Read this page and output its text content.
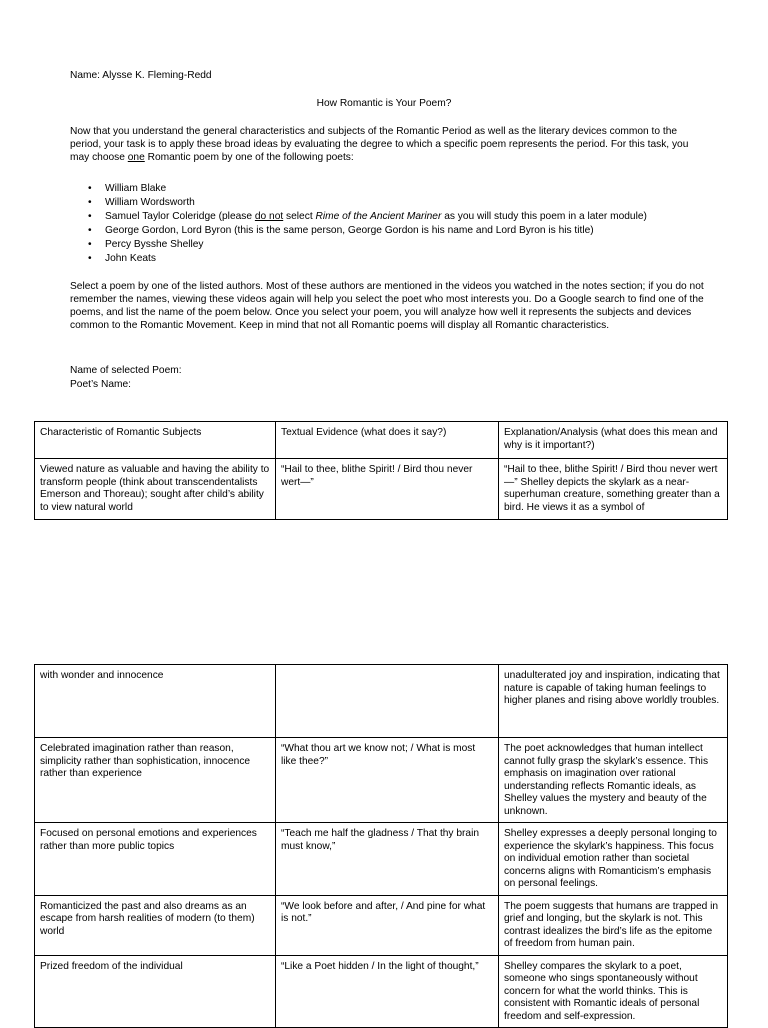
Name: Alysse K. Fleming-Redd
How Romantic is Your Poem?
Now that you understand the general characteristics and subjects of the Romantic Period as well as the literary devices common to the period, your task is to apply these broad ideas by evaluating the degree to which a specific poem represents the period. For this task, you may choose one Romantic poem by one of the following poets:
• William Blake
• William Wordsworth
• Samuel Taylor Coleridge (please do not select Rime of the Ancient Mariner as you will study this poem in a later module)
• George Gordon, Lord Byron (this is the same person, George Gordon is his name and Lord Byron is his title)
• Percy Bysshe Shelley
• John Keats
Select a poem by one of the listed authors. Most of these authors are mentioned in the videos you watched in the notes section; if you do not remember the names, viewing these videos again will help you select the poet who most interests you. Do a Google search to find one of the poems, and list the name of the poem below. Once you select your poem, you will analyze how well it represents the subjects and devices common to the Romantic Movement. Keep in mind that not all Romantic poems will display all Romantic characteristics.
Name of selected Poem:
Poet’s Name:
Characteristic of Romantic Subjects	Textual Evidence (what does it say?)	Explanation/Analysis (what does this mean and why is it important?)
Viewed nature as valuable and having the ability to transform people (think about transcendentalists Emerson and Thoreau); sought after child’s ability to view natural world	“Hail to thee, blithe Spirit! / Bird thou never wert—”	“Hail to thee, blithe Spirit! / Bird thou never wert—” Shelley depicts the skylark as a near-superhuman creature, something greater than a bird. He views it as a symbol of
with wonder and innocence		unadulterated joy and inspiration, indicating that nature is capable of taking human feelings to higher planes and rising above worldly troubles.
Celebrated imagination rather than reason, simplicity rather than sophistication, innocence rather than experience	“What thou art we know not; / What is most like thee?”	The poet acknowledges that human intellect cannot fully grasp the skylark’s essence. This emphasis on imagination over rational understanding reflects Romantic ideals, as Shelley values the mystery and beauty of the unknown.
Focused on personal emotions and experiences rather than more public topics	“Teach me half the gladness / That thy brain must know,”	Shelley expresses a deeply personal longing to experience the skylark’s happiness. This focus on individual emotion rather than societal concerns aligns with Romanticism’s emphasis on personal feelings.
Romanticized the past and also dreams as an escape from harsh realities of modern (to them) world	“We look before and after, / And pine for what is not.”	The poem suggests that humans are trapped in grief and longing, but the skylark is not. This contrast idealizes the bird’s life as the epitome of freedom from human pain.
Prized freedom of the individual	“Like a Poet hidden / In the light of thought,”	Shelley compares the skylark to a poet, someone who sings spontaneously without concern for what the world thinks. This is consistent with Romantic ideals of personal freedom and self-expression.
